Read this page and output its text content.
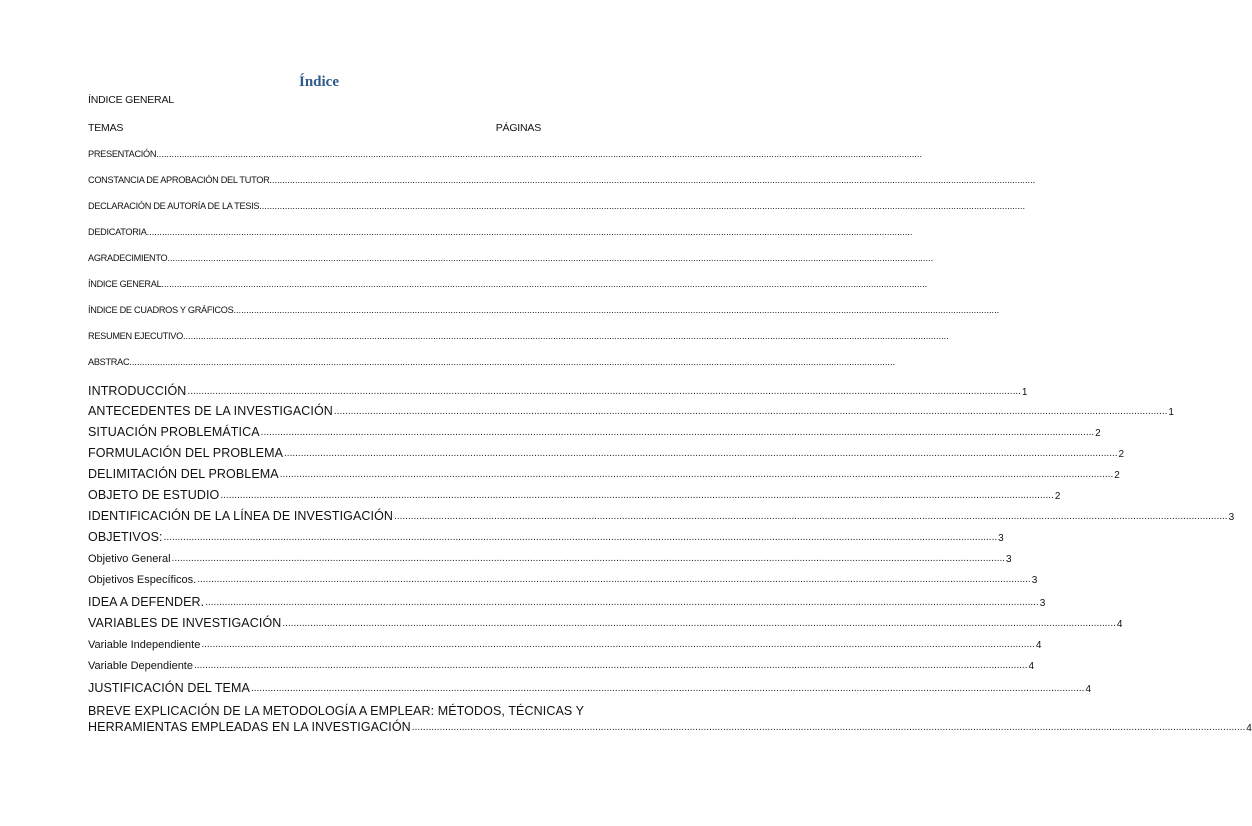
Índice
ÍNDICE GENERAL
TEMAS	PÁGINAS
PRESENTACIÓN............................................................................................................................................................................................................................................................................................................
CONSTANCIA DE APROBACIÓN DEL TUTOR............................................................................................................................................................................................................................................................................................................
DECLARACIÓN DE AUTORÍA DE LA TESIS............................................................................................................................................................................................................................................................................................................
DEDICATORIA............................................................................................................................................................................................................................................................................................................
AGRADECIMIENTO............................................................................................................................................................................................................................................................................................................
ÍNDICE GENERAL............................................................................................................................................................................................................................................................................................................
ÍNDICE DE CUADROS Y GRÁFICOS............................................................................................................................................................................................................................................................................................................
RESUMEN EJECUTIVO............................................................................................................................................................................................................................................................................................................
ABSTRAC............................................................................................................................................................................................................................................................................................................
INTRODUCCIÓN ............................................................................................................................................................................................................................................................................................................ 1
ANTECEDENTES DE LA INVESTIGACIÓN ............................................................................................................................................................................................................................................................................................................ 1
SITUACIÓN PROBLEMÁTICA ............................................................................................................................................................................................................................................................................................................ 2
FORMULACIÓN DEL PROBLEMA ............................................................................................................................................................................................................................................................................................................ 2
DELIMITACIÓN DEL PROBLEMA ............................................................................................................................................................................................................................................................................................................ 2
OBJETO DE ESTUDIO ............................................................................................................................................................................................................................................................................................................ 2
IDENTIFICACIÓN DE LA LÍNEA DE INVESTIGACIÓN ............................................................................................................................................................................................................................................................................................................ 3
OBJETIVOS: ............................................................................................................................................................................................................................................................................................................ 3
Objetivo General ............................................................................................................................................................................................................................................................................................................ 3
Objetivos Específicos. ............................................................................................................................................................................................................................................................................................................ 3
IDEA A DEFENDER. ............................................................................................................................................................................................................................................................................................................ 3
VARIABLES DE INVESTIGACIÓN ............................................................................................................................................................................................................................................................................................................ 4
Variable Independiente ............................................................................................................................................................................................................................................................................................................ 4
Variable Dependiente ............................................................................................................................................................................................................................................................................................................ 4
JUSTIFICACIÓN DEL TEMA ............................................................................................................................................................................................................................................................................................................ 4
BREVE EXPLICACIÓN DE LA METODOLOGÍA A EMPLEAR: MÉTODOS, TÉCNICAS Y
HERRAMIENTAS EMPLEADAS EN LA INVESTIGACIÓN ............................................................................................................................................................................................................................................................................................................ 4
